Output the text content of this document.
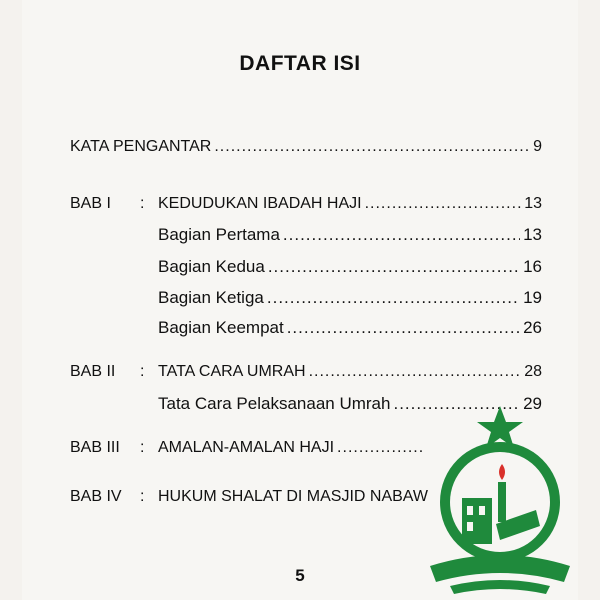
DAFTAR ISI
KATA PENGANTAR .....	9
BAB I : KEDUDUKAN IBADAH HAJI .....	13
Bagian Pertama .....	13
Bagian Kedua .....	16
Bagian Ketiga .....	19
Bagian Keempat .....	26
BAB II : TATA CARA UMRAH .....	28
Tata Cara Pelaksanaan Umrah .....	29
BAB III : AMALAN-AMALAN HAJI
.....
BAB IV : HUKUM SHALAT DI MASJID NABAW
5
